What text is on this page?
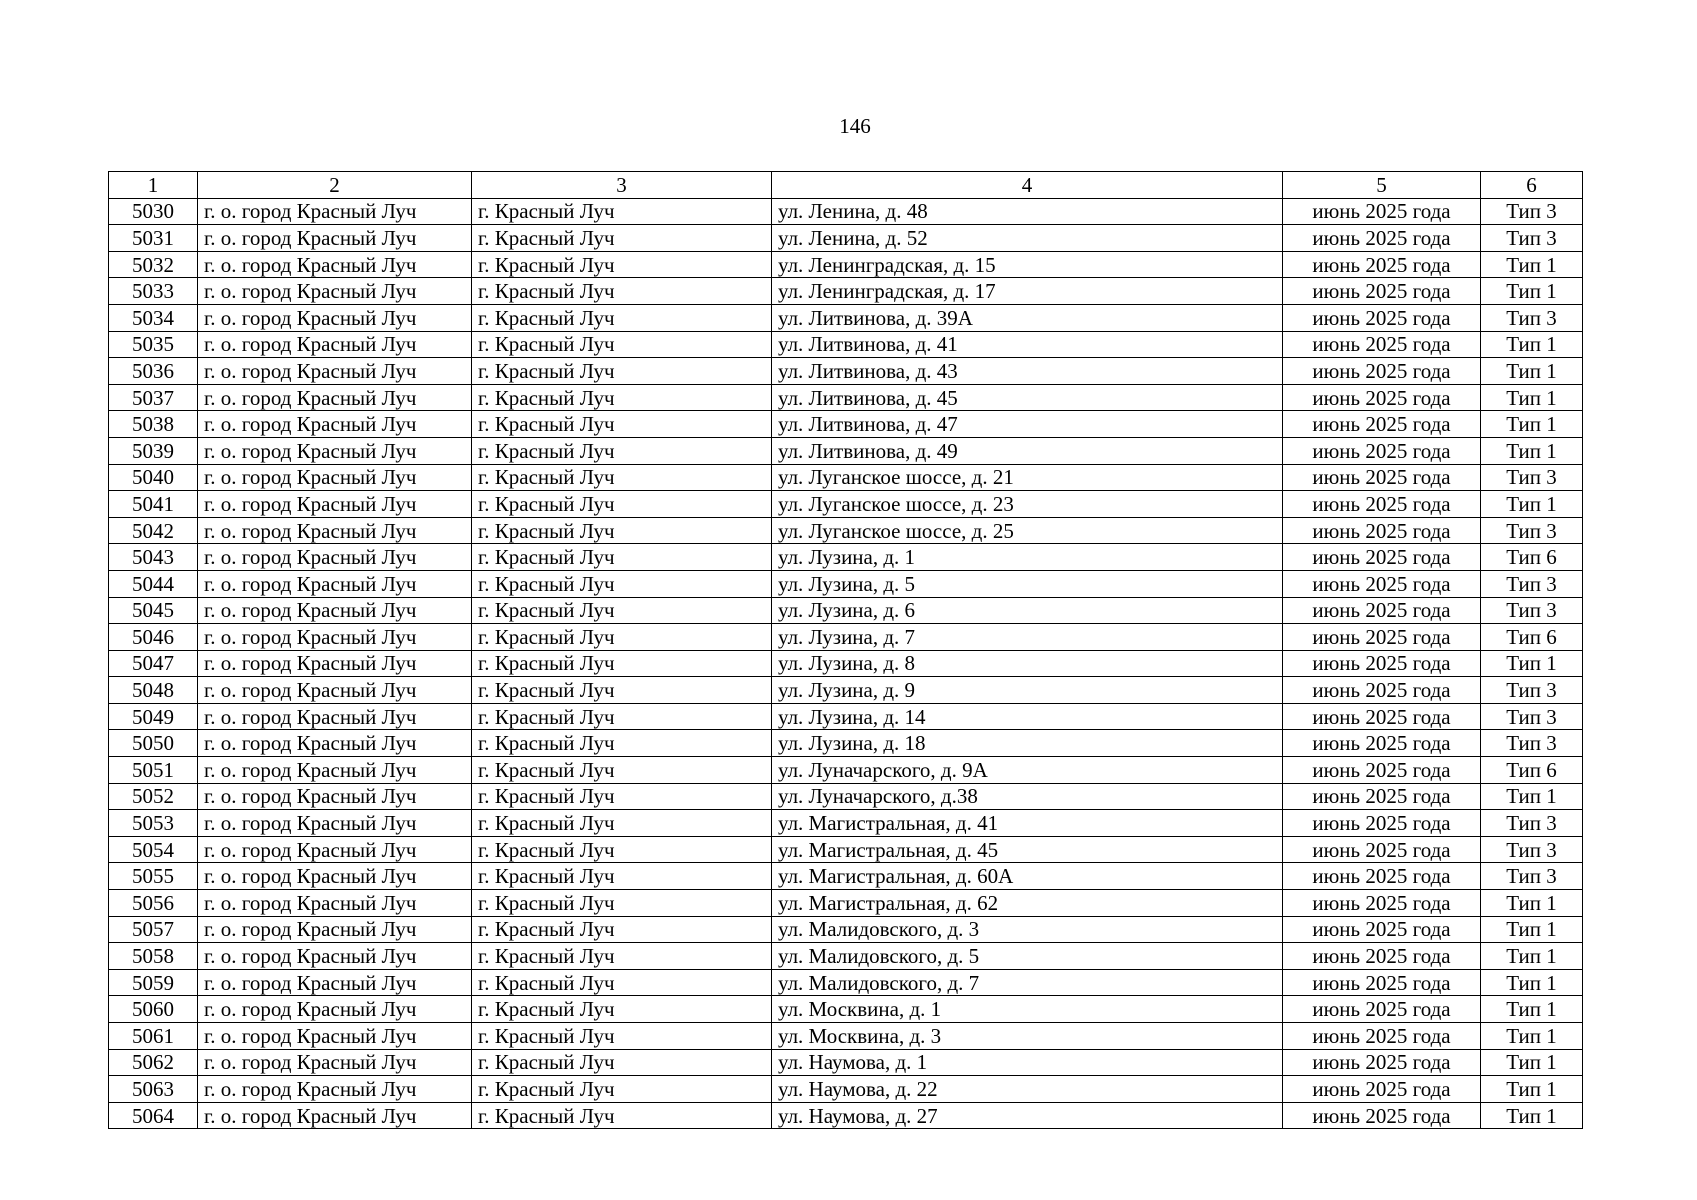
146
1	2	3	4	5	6
5030	г. о. город Красный Луч	г. Красный Луч	ул. Ленина, д. 48	июнь 2025 года	Тип 3
5031	г. о. город Красный Луч	г. Красный Луч	ул. Ленина, д. 52	июнь 2025 года	Тип 3
5032	г. о. город Красный Луч	г. Красный Луч	ул. Ленинградская, д. 15	июнь 2025 года	Тип 1
5033	г. о. город Красный Луч	г. Красный Луч	ул. Ленинградская, д. 17	июнь 2025 года	Тип 1
5034	г. о. город Красный Луч	г. Красный Луч	ул. Литвинова, д. 39А	июнь 2025 года	Тип 3
5035	г. о. город Красный Луч	г. Красный Луч	ул. Литвинова, д. 41	июнь 2025 года	Тип 1
5036	г. о. город Красный Луч	г. Красный Луч	ул. Литвинова, д. 43	июнь 2025 года	Тип 1
5037	г. о. город Красный Луч	г. Красный Луч	ул. Литвинова, д. 45	июнь 2025 года	Тип 1
5038	г. о. город Красный Луч	г. Красный Луч	ул. Литвинова, д. 47	июнь 2025 года	Тип 1
5039	г. о. город Красный Луч	г. Красный Луч	ул. Литвинова, д. 49	июнь 2025 года	Тип 1
5040	г. о. город Красный Луч	г. Красный Луч	ул. Луганское шоссе, д. 21	июнь 2025 года	Тип 3
5041	г. о. город Красный Луч	г. Красный Луч	ул. Луганское шоссе, д. 23	июнь 2025 года	Тип 1
5042	г. о. город Красный Луч	г. Красный Луч	ул. Луганское шоссе, д. 25	июнь 2025 года	Тип 3
5043	г. о. город Красный Луч	г. Красный Луч	ул. Лузина, д. 1	июнь 2025 года	Тип 6
5044	г. о. город Красный Луч	г. Красный Луч	ул. Лузина, д. 5	июнь 2025 года	Тип 3
5045	г. о. город Красный Луч	г. Красный Луч	ул. Лузина, д. 6	июнь 2025 года	Тип 3
5046	г. о. город Красный Луч	г. Красный Луч	ул. Лузина, д. 7	июнь 2025 года	Тип 6
5047	г. о. город Красный Луч	г. Красный Луч	ул. Лузина, д. 8	июнь 2025 года	Тип 1
5048	г. о. город Красный Луч	г. Красный Луч	ул. Лузина, д. 9	июнь 2025 года	Тип 3
5049	г. о. город Красный Луч	г. Красный Луч	ул. Лузина, д. 14	июнь 2025 года	Тип 3
5050	г. о. город Красный Луч	г. Красный Луч	ул. Лузина, д. 18	июнь 2025 года	Тип 3
5051	г. о. город Красный Луч	г. Красный Луч	ул. Луначарского, д. 9А	июнь 2025 года	Тип 6
5052	г. о. город Красный Луч	г. Красный Луч	ул. Луначарского, д.38	июнь 2025 года	Тип 1
5053	г. о. город Красный Луч	г. Красный Луч	ул. Магистральная, д. 41	июнь 2025 года	Тип 3
5054	г. о. город Красный Луч	г. Красный Луч	ул. Магистральная, д. 45	июнь 2025 года	Тип 3
5055	г. о. город Красный Луч	г. Красный Луч	ул. Магистральная, д. 60А	июнь 2025 года	Тип 3
5056	г. о. город Красный Луч	г. Красный Луч	ул. Магистральная, д. 62	июнь 2025 года	Тип 1
5057	г. о. город Красный Луч	г. Красный Луч	ул. Малидовского, д. 3	июнь 2025 года	Тип 1
5058	г. о. город Красный Луч	г. Красный Луч	ул. Малидовского, д. 5	июнь 2025 года	Тип 1
5059	г. о. город Красный Луч	г. Красный Луч	ул. Малидовского, д. 7	июнь 2025 года	Тип 1
5060	г. о. город Красный Луч	г. Красный Луч	ул. Москвина, д. 1	июнь 2025 года	Тип 1
5061	г. о. город Красный Луч	г. Красный Луч	ул. Москвина, д. 3	июнь 2025 года	Тип 1
5062	г. о. город Красный Луч	г. Красный Луч	ул. Наумова, д. 1	июнь 2025 года	Тип 1
5063	г. о. город Красный Луч	г. Красный Луч	ул. Наумова, д. 22	июнь 2025 года	Тип 1
5064	г. о. город Красный Луч	г. Красный Луч	ул. Наумова, д. 27	июнь 2025 года	Тип 1
